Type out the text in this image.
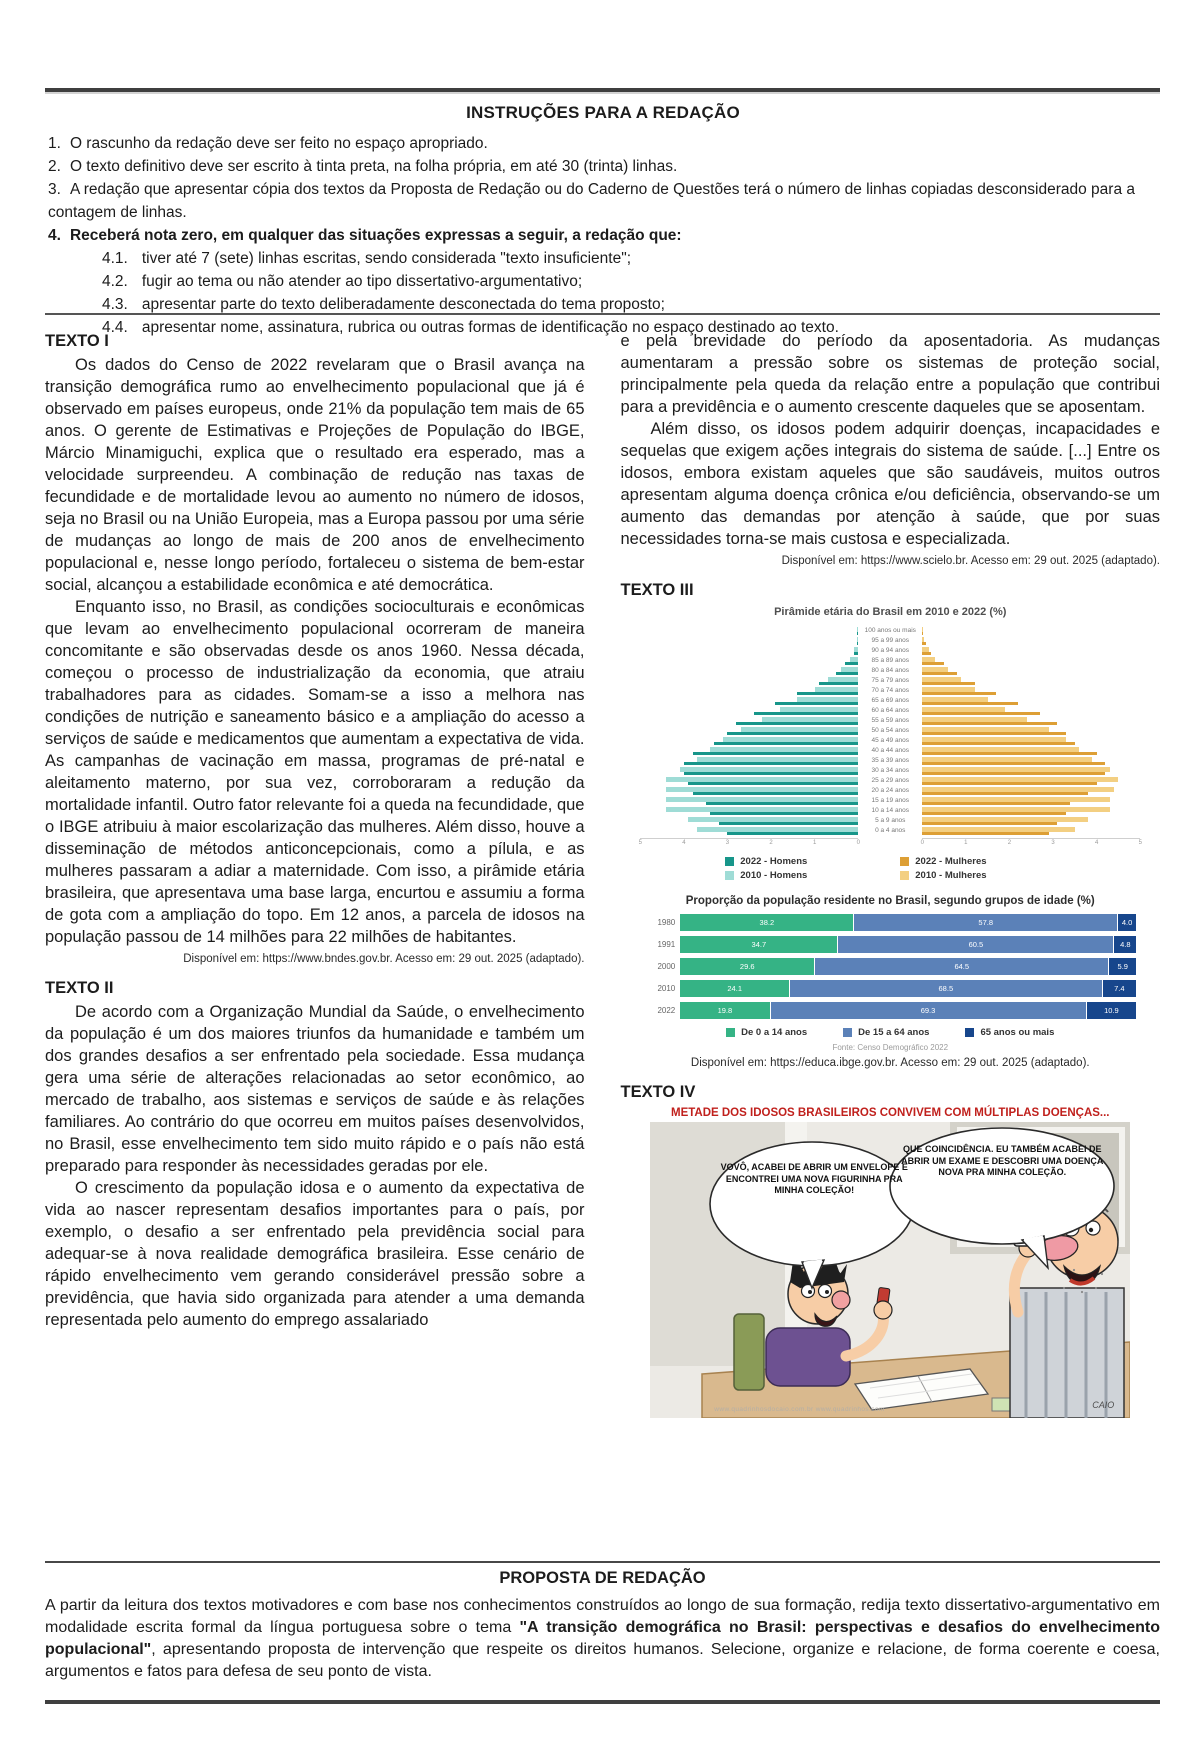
INSTRUÇÕES PARA A REDAÇÃO

1. O rascunho da redação deve ser feito no espaço apropriado.

2. O texto definitivo deve ser escrito à tinta preta, na folha própria, em até 30 (trinta) linhas.

3. A redação que apresentar cópia dos textos da Proposta de Redação ou do Caderno de Questões terá o número de linhas copiadas desconsiderado para a contagem de linhas.

4. Receberá nota zero, em qualquer das situações expressas a seguir, a redação que:

4.1. tiver até 7 (sete) linhas escritas, sendo considerada "texto insuficiente";

4.2. fugir ao tema ou não atender ao tipo dissertativo-argumentativo;

4.3. apresentar parte do texto deliberadamente desconectada do tema proposto;

4.4. apresentar nome, assinatura, rubrica ou outras formas de identificação no espaço destinado ao texto.

TEXTO I

Os dados do Censo de 2022 revelaram que o Brasil avança na transição demográfica rumo ao envelhecimento populacional que já é observado em países europeus, onde 21% da população tem mais de 65 anos. O gerente de Estimativas e Projeções de População do IBGE, Márcio Minamiguchi, explica que o resultado era esperado, mas a velocidade surpreendeu. A combinação de redução nas taxas de fecundidade e de mortalidade levou ao aumento no número de idosos, seja no Brasil ou na União Europeia, mas a Europa passou por uma série de mudanças ao longo de mais de 200 anos de envelhecimento populacional e, nesse longo período, fortaleceu o sistema de bem-estar social, alcançou a estabilidade econômica e até democrática.

Enquanto isso, no Brasil, as condições socioculturais e econômicas que levam ao envelhecimento populacional ocorreram de maneira concomitante e são observadas desde os anos 1960. Nessa década, começou o processo de industrialização da economia, que atraiu trabalhadores para as cidades. Somam-se a isso a melhora nas condições de nutrição e saneamento básico e a ampliação do acesso a serviços de saúde e medicamentos que aumentam a expectativa de vida. As campanhas de vacinação em massa, programas de pré-natal e aleitamento materno, por sua vez, corroboraram a redução da mortalidade infantil. Outro fator relevante foi a queda na fecundidade, que o IBGE atribuiu à maior escolarização das mulheres. Além disso, houve a disseminação de métodos anticoncepcionais, como a pílula, e as mulheres passaram a adiar a maternidade. Com isso, a pirâmide etária brasileira, que apresentava uma base larga, encurtou e assumiu a forma de gota com a ampliação do topo. Em 12 anos, a parcela de idosos na população passou de 14 milhões para 22 milhões de habitantes.

Disponível em: https://www.bndes.gov.br. Acesso em: 29 out. 2025 (adaptado).

TEXTO II

De acordo com a Organização Mundial da Saúde, o envelhecimento da população é um dos maiores triunfos da humanidade e também um dos grandes desafios a ser enfrentado pela sociedade. Essa mudança gera uma série de alterações relacionadas ao setor econômico, ao mercado de trabalho, aos sistemas e serviços de saúde e às relações familiares. Ao contrário do que ocorreu em muitos países desenvolvidos, no Brasil, esse envelhecimento tem sido muito rápido e o país não está preparado para responder às necessidades geradas por ele.

O crescimento da população idosa e o aumento da expectativa de vida ao nascer representam desafios importantes para o país, por exemplo, o desafio a ser enfrentado pela previdência social para adequar-se à nova realidade demográfica brasileira. Esse cenário de rápido envelhecimento vem gerando considerável pressão sobre a previdência, que havia sido organizada para atender a uma demanda representada pelo aumento do emprego assalariado

e pela brevidade do período da aposentadoria. As mudanças aumentaram a pressão sobre os sistemas de proteção social, principalmente pela queda da relação entre a população que contribui para a previdência e o aumento crescente daqueles que se aposentam.

Além disso, os idosos podem adquirir doenças, incapacidades e sequelas que exigem ações integrais do sistema de saúde. [...] Entre os idosos, embora existam aqueles que são saudáveis, muitos outros apresentam alguma doença crônica e/ou deficiência, observando-se um aumento das demandas por atenção à saúde, que por suas necessidades torna-se mais custosa e especializada.

Disponível em: https://www.scielo.br. Acesso em: 29 out. 2025 (adaptado).

TEXTO III
Pirâmide etária do Brasil em 2010 e 2022 (%)
100 anos ou mais
95 a 99 anos
90 a 94 anos
85 a 89 anos
80 a 84 anos
75 a 79 anos
70 a 74 anos
65 a 69 anos
60 a 64 anos
55 a 59 anos
50 a 54 anos
45 a 49 anos
40 a 44 anos
35 a 39 anos
30 a 34 anos
25 a 29 anos
20 a 24 anos
15 a 19 anos
10 a 14 anos
5 a 9 anos
0 a 4 anos
0
1
2
3
4
5	0	1	2	3	4	5
2022 - Homens	2022 - Mulheres
2010 - Homens	2010 - Mulheres
Proporção da população residente no Brasil, segundo grupos de idade (%)
1980	38.2	57.8	4.0
1991	34.7	60.5	4.8
2000	29.6	64.5	5.9
2010	24.1	68.5	7.4
2022	19.8	69.3	10.9
De 0 a 14 anos	De 15 a 64 anos	65 anos ou mais
Fonte: Censo Demográfico 2022

Disponível em: https://educa.ibge.gov.br. Acesso em: 29 out. 2025 (adaptado).

TEXTO IV
METADE DOS IDOSOS BRASILEIROS CONVIVEM COM MÚLTIPLAS DOENÇAS...
VOVÔ, ACABEI DE ABRIR UM ENVELOPE E ENCONTREI UMA NOVA FIGURINHA PRA MINHA COLEÇÃO!
QUE COINCIDÊNCIA. EU TAMBÉM ACABEI DE ABRIR UM EXAME E DESCOBRI UMA DOENÇA NOVA PRA MINHA COLEÇÃO.
www.quadrinhosdocaio.com.br www.quadrinhos.com	CAIO
PROPOSTA DE REDAÇÃO

A partir da leitura dos textos motivadores e com base nos conhecimentos construídos ao longo de sua formação, redija texto dissertativo-argumentativo em modalidade escrita formal da língua portuguesa sobre o tema "A transição demográfica no Brasil: perspectivas e desafios do envelhecimento populacional", apresentando proposta de intervenção que respeite os direitos humanos. Selecione, organize e relacione, de forma coerente e coesa, argumentos e fatos para defesa de seu ponto de vista.
